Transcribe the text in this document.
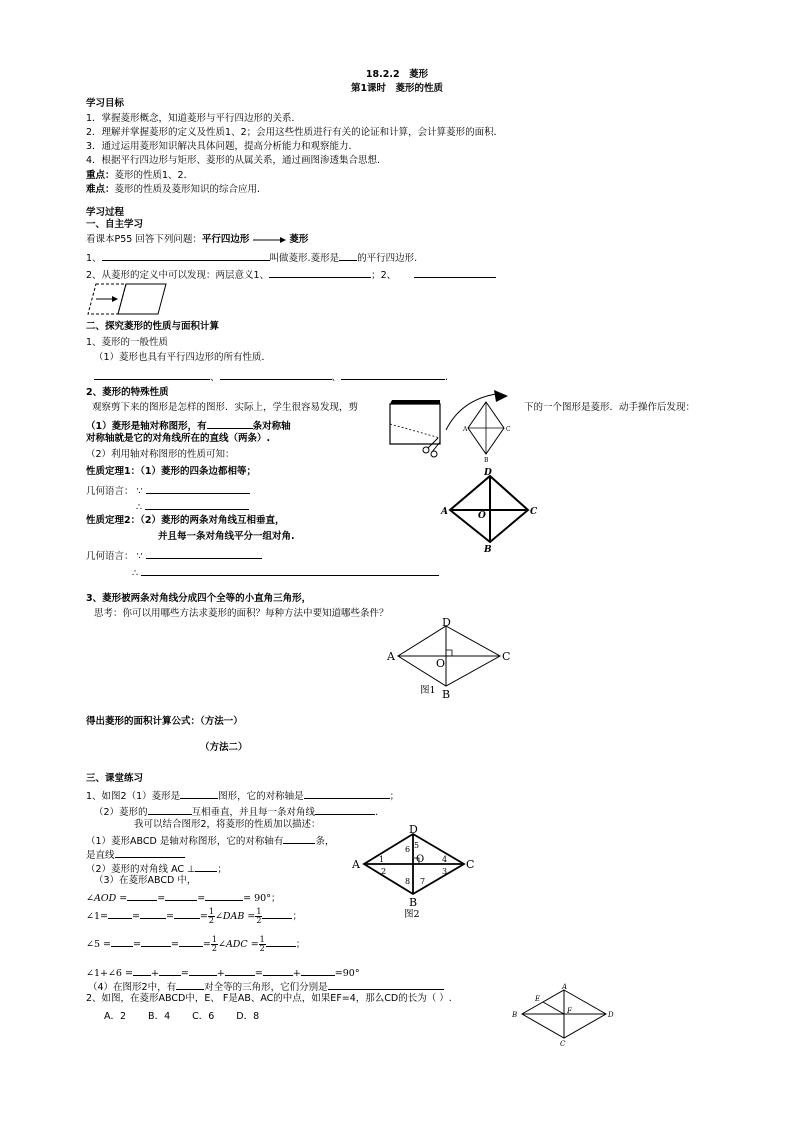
18.2.2　菱形
第1课时　菱形的性质
学习目标
1．掌握菱形概念，知道菱形与平行四边形的关系．
2．理解并掌握菱形的定义及性质1、2；会用这些性质进行有关的论证和计算，会计算菱形的面积．
3．通过运用菱形知识解决具体问题，提高分析能力和观察能力．
4．根据平行四边形与矩形、菱形的从属关系，通过画图渗透集合思想．
重点：菱形的性质1、2．
难点：菱形的性质及菱形知识的综合应用．
学习过程
一、自主学习
看课本P55 回答下列问题：平行四边形	菱形
1、	叫做菱形.菱形是 的平行四边形.
2、从菱形的定义中可以发现：两层意义1、	；2、
二、探究菱形的性质与面积计算
1、菱形的一般性质
（1）菱形也具有平行四边形的所有性质．
、	、	.
2、菱形的特殊性质
观察剪下来的图形是怎样的图形．实际上，学生很容易发现，剪	下的一个图形是菱形．动手操作后发现：
（1）菱形是轴对称图形，有	条对称轴
对称轴就是它的对角线所在的直线（两条）.
（2）利用轴对称图形的性质可知：
A	C
B
性质定理1：（1）菱形的四条边都相等；
几何语言： ∵
∴
性质定理2：（2）菱形的两条对角线互相垂直，
并且每一条对角线平分一组对角.
几何语言： ∵
∴
D
A	C
O
B
3、菱形被两条对角线分成四个全等的小直角三角形，
思考：你可以用哪些方法求菱形的面积？每种方法中要知道哪些条件？
D
A	C
O
B
图1
得出菱形的面积计算公式：（方法一）
（方法二）
三、课堂练习
1、如图2（1）菱形是	图形，它的对称轴是	；
（2）菱形的	互相垂直，并且每一条对角线	.
我可以结合图形2，将菱形的性质加以描述：
（1）菱形ABCD 是轴对称图形，它的对称轴有	条，
是直线
（2）菱形的对角线 AC ⊥ ；
（3）在菱形ABCD 中，
∠AOD =	=	=	= 90°；
∠1=	=	=	= $\frac{1}{2}$ ∠DAB = $\frac{1}{2}$	；
∠5 = =	=	= $\frac{1}{2}$ ∠ADC = $\frac{1}{2}$	；
∠1+∠6 = + =	+	=	+	=90°
（4）在图形2中，有	对全等的三角形，它们分别是
2、如图，在菱形ABCD中，E、 F是AB、AC的中点，如果EF=4，那么CD的长为（ ）.
A．2 B．4 C．6 D．8
D
A	C
O
B
1
2	3
4
5
6
7
8
图2
A
B	D
C
E
F
